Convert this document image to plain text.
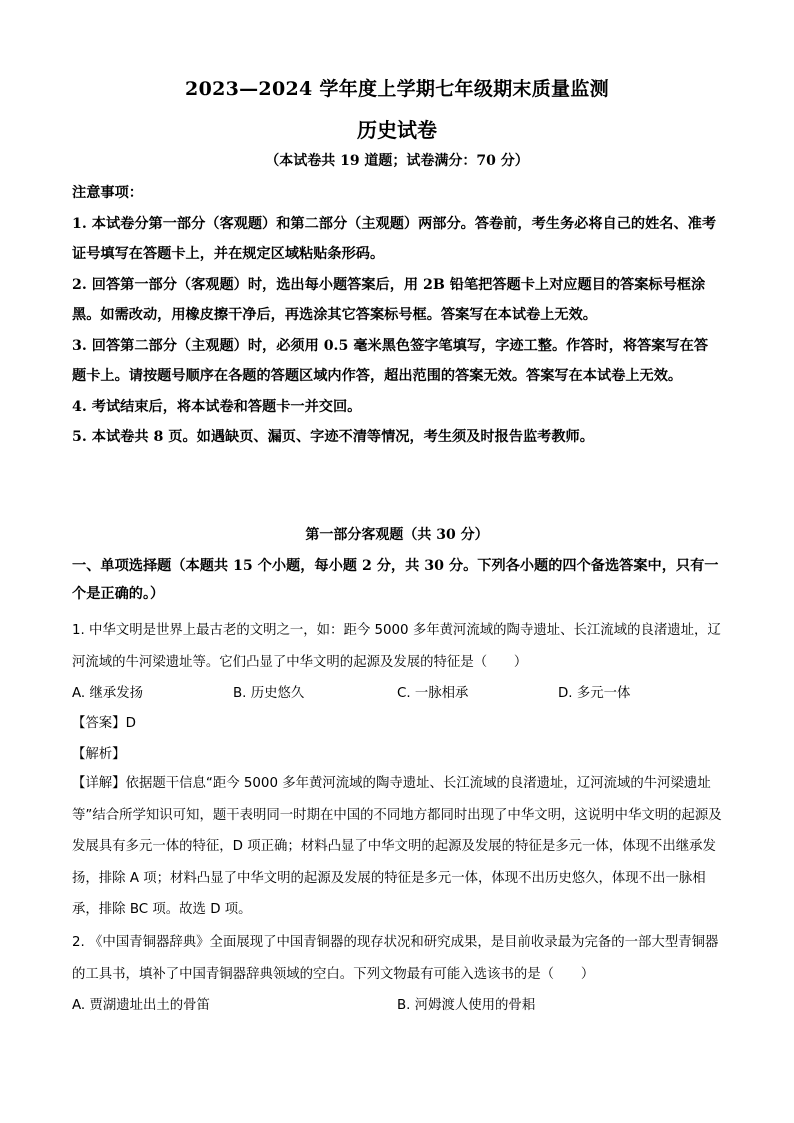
2023—2024 学年度上学期七年级期末质量监测
历史试卷
（本试卷共 19 道题；试卷满分：70 分）

注意事项：

1. 本试卷分第一部分（客观题）和第二部分（主观题）两部分。答卷前，考生务必将自己的姓名、准考证号填写在答题卡上，并在规定区域粘贴条形码。

2. 回答第一部分（客观题）时，选出每小题答案后，用 2B 铅笔把答题卡上对应题目的答案标号框涂黑。如需改动，用橡皮擦干净后，再选涂其它答案标号框。答案写在本试卷上无效。

3. 回答第二部分（主观题）时，必须用 0.5 毫米黑色签字笔填写，字迹工整。作答时，将答案写在答题卡上。请按题号顺序在各题的答题区域内作答，超出范围的答案无效。答案写在本试卷上无效。

4. 考试结束后，将本试卷和答题卡一并交回。

5. 本试卷共 8 页。如遇缺页、漏页、字迹不清等情况，考生须及时报告监考教师。

第一部分客观题（共 30 分）
一、单项选择题（本题共 15 个小题，每小题 2 分，共 30 分。下列各小题的四个备选答案中，只有一个是正确的。）
1. 中华文明是世界上最古老的文明之一，如：距今 5000 多年黄河流域的陶寺遗址、长江流域的良渚遗址，辽河流域的牛河梁遗址等。它们凸显了中华文明的起源及发展的特征是（　　）
A. 继承发扬	B. 历史悠久	C. 一脉相承	D. 多元一体
【答案】D
【解析】
【详解】依据题干信息“距今 5000 多年黄河流域的陶寺遗址、长江流域的良渚遗址，辽河流域的牛河梁遗址等”结合所学知识可知，题干表明同一时期在中国的不同地方都同时出现了中华文明，这说明中华文明的起源及发展具有多元一体的特征，D 项正确；材料凸显了中华文明的起源及发展的特征是多元一体，体现不出继承发扬，排除 A 项；材料凸显了中华文明的起源及发展的特征是多元一体，体现不出历史悠久，体现不出一脉相承，排除 BC 项。故选 D 项。
2. 《中国青铜器辞典》全面展现了中国青铜器的现存状况和研究成果，是目前收录最为完备的一部大型青铜器的工具书，填补了中国青铜器辞典领域的空白。下列文物最有可能入选该书的是（　　）
A. 贾湖遗址出土的骨笛	B. 河姆渡人使用的骨耜
